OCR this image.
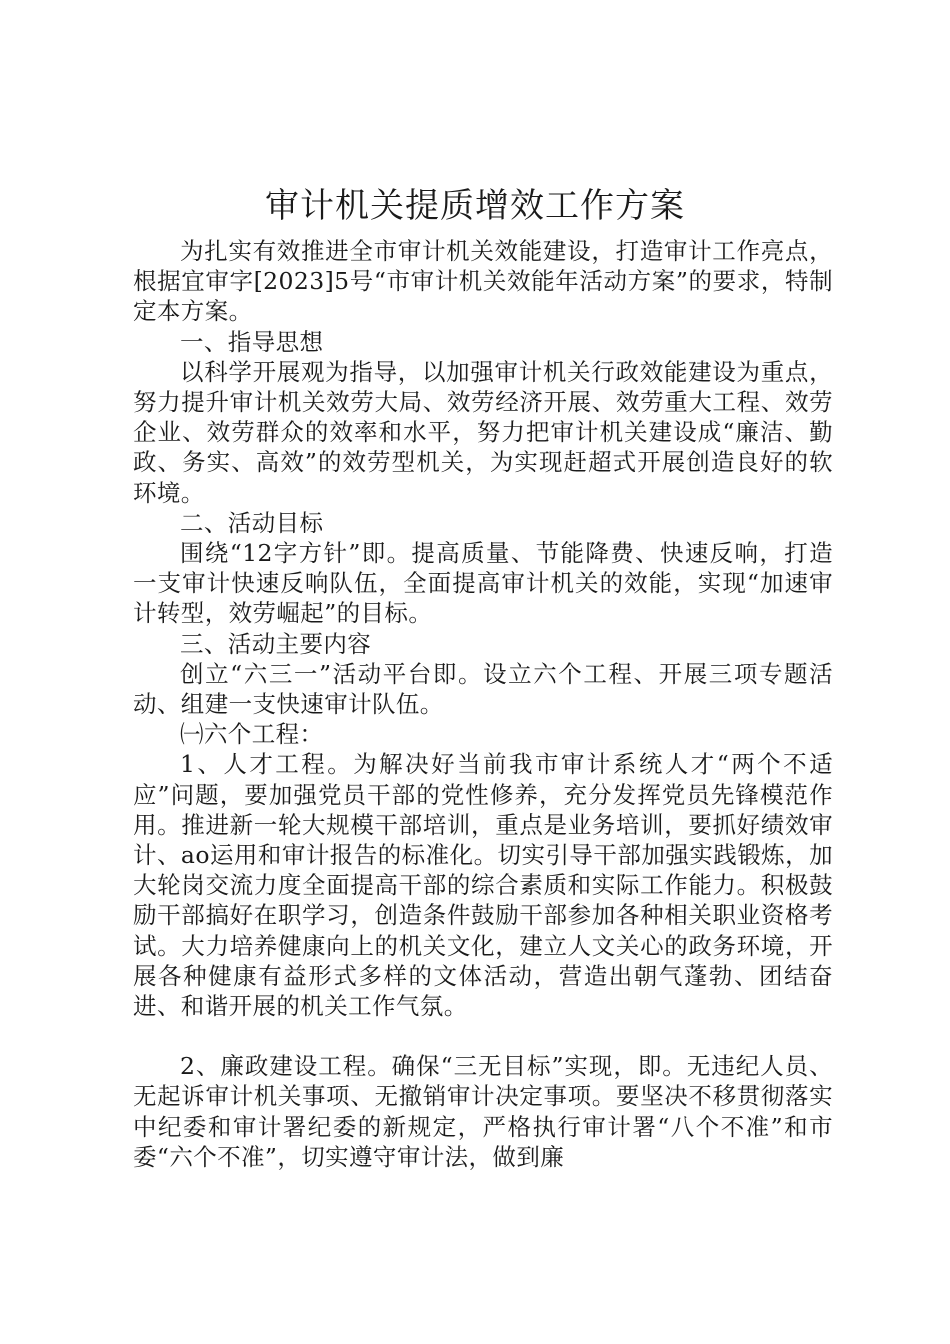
审计机关提质增效工作方案

为扎实有效推进全市审计机关效能建设，打造审计工作亮点，根据宜审字[2023]5号“市审计机关效能年活动方案”的要求，特制定本方案。

一、指导思想

以科学开展观为指导，以加强审计机关行政效能建设为重点，努力提升审计机关效劳大局、效劳经济开展、效劳重大工程、效劳企业、效劳群众的效率和水平，努力把审计机关建设成“廉洁、勤政、务实、高效”的效劳型机关，为实现赶超式开展创造良好的软环境。

二、活动目标

围绕“12字方针”即。提高质量、节能降费、快速反响，打造一支审计快速反响队伍，全面提高审计机关的效能，实现“加速审计转型，效劳崛起”的目标。

三、活动主要内容

创立“六三一”活动平台即。设立六个工程、开展三项专题活动、组建一支快速审计队伍。

㈠六个工程：

1、人才工程。为解决好当前我市审计系统人才“两个不适应”问题，要加强党员干部的党性修养，充分发挥党员先锋模范作用。推进新一轮大规模干部培训，重点是业务培训，要抓好绩效审计、ao运用和审计报告的标准化。切实引导干部加强实践锻炼，加大轮岗交流力度全面提高干部的综合素质和实际工作能力。积极鼓励干部搞好在职学习，创造条件鼓励干部参加各种相关职业资格考试。大力培养健康向上的机关文化，建立人文关心的政务环境，开展各种健康有益形式多样的文体活动，营造出朝气蓬勃、团结奋进、和谐开展的机关工作气氛。

2、廉政建设工程。确保“三无目标”实现，即。无违纪人员、无起诉审计机关事项、无撤销审计决定事项。要坚决不移贯彻落实中纪委和审计署纪委的新规定，严格执行审计署“八个不准”和市委“六个不准”，切实遵守审计法，做到廉
